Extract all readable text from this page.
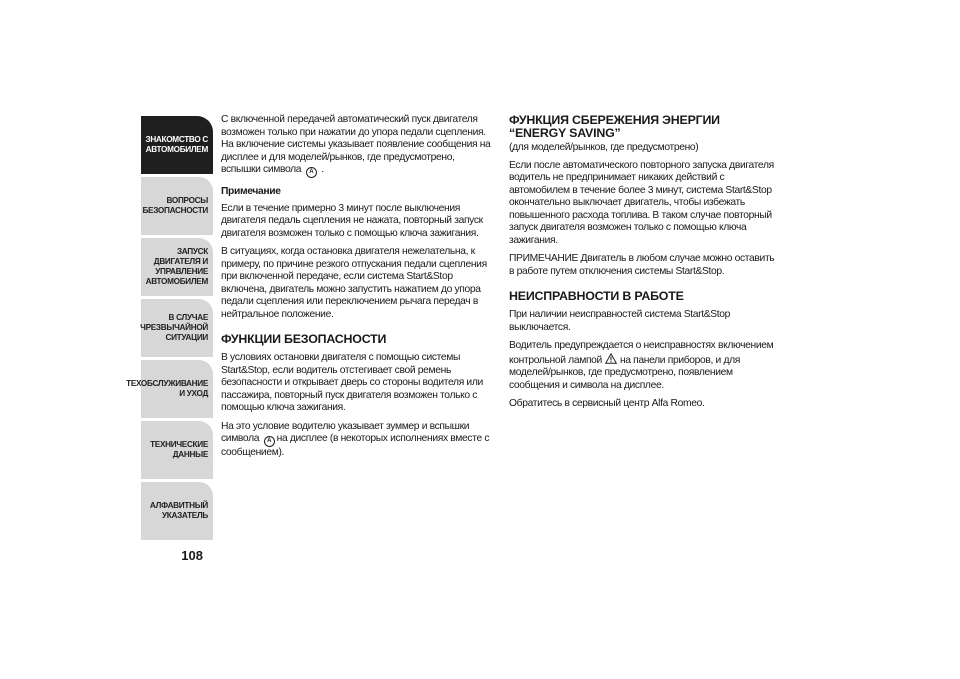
ЗНАКОМСТВО С
АВТОМОБИЛЕМ
ВОПРОСЫ
БЕЗОПАСНОСТИ
ЗАПУСК ДВИГАТЕЛЯ И
УПРАВЛЕНИЕ
АВТОМОБИЛЕМ
В СЛУЧАЕ
ЧРЕЗВЫЧАЙНОЙ
СИТУАЦИИ
ТЕХОБСЛУЖИВАНИЕ
И УХОД
ТЕХНИЧЕСКИЕ
ДАННЫЕ
АЛФАВИТНЫЙ
УКАЗАТЕЛЬ
108

С включенной передачей автоматический пуск двигателя возможен только при нажатии до упора педали сцепления. На включение системы указывает появление сообщения на дисплее и для моделей/рынков, где предусмотрено, вспышки символа A .

Примечание

Если в течение примерно 3 минут после выключения двигателя педаль сцепления не нажата, повторный запуск двигателя возможен только с помощью ключа зажигания.

В ситуациях, когда остановка двигателя нежелательна, к примеру, по причине резкого отпускания педали сцепления при включенной передаче, если система Start&Stop включена, двигатель можно запустить нажатием до упора педали сцепления или переключением рычага передач в нейтральное положение.

ФУНКЦИИ БЕЗОПАСНОСТИ

В условиях остановки двигателя с помощью системы Start&Stop, если водитель отстегивает свой ремень безопасности и открывает дверь со стороны водителя или пассажира, повторный пуск двигателя возможен только с помощью ключа зажигания.

На это условие водителю указывает зуммер и вспышки символа A на дисплее (в некоторых исполнениях вместе с сообщением).

ФУНКЦИЯ СБЕРЕЖЕНИЯ ЭНЕРГИИ “ENERGY SAVING”

(для моделей/рынков, где предусмотрено)

Если после автоматического повторного запуска двигателя водитель не предпринимает никаких действий с автомобилем в течение более 3 минут, система Start&Stop окончательно выключает двигатель, чтобы избежать повышенного расхода топлива. В таком случае повторный запуск двигателя возможен только с помощью ключа зажигания.

ПРИМЕЧАНИЕ Двигатель в любом случае можно оставить в работе путем отключения системы Start&Stop.

НЕИСПРАВНОСТИ В РАБОТЕ

При наличии неисправностей система Start&Stop выключается.

Водитель предупреждается о неисправностях включением контрольной лампой на панели приборов, и для моделей/рынков, где предусмотрено, появлением сообщения и символа на дисплее.

Обратитесь в сервисный центр Alfa Romeo.
